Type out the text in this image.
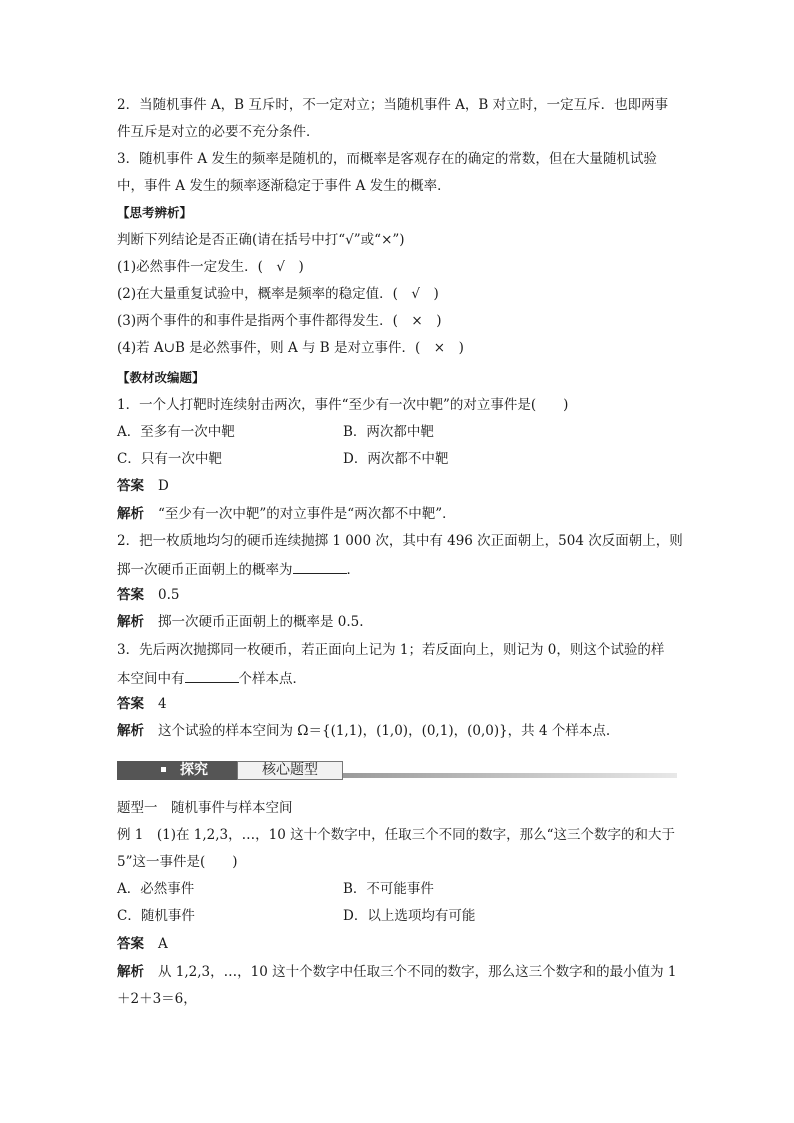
2．当随机事件 A，B 互斥时，不一定对立；当随机事件 A，B 对立时，一定互斥．也即两事
件互斥是对立的必要不充分条件．
3．随机事件 A 发生的频率是随机的，而概率是客观存在的确定的常数，但在大量随机试验
中，事件 A 发生的频率逐渐稳定于事件 A 发生的概率．
【思考辨析】
判断下列结论是否正确(请在括号中打“√”或“×”)
(1)必然事件一定发生．(　√　)
(2)在大量重复试验中，概率是频率的稳定值．(　√　)
(3)两个事件的和事件是指两个事件都得发生．(　×　)
(4)若 A∪B 是必然事件，则 A 与 B 是对立事件．(　×　)
【教材改编题】
1．一个人打靶时连续射击两次，事件“至少有一次中靶”的对立事件是(　　)
A．至多有一次中靶	B．两次都中靶
C．只有一次中靶	D．两次都不中靶
答案 D
解析 “至少有一次中靶”的对立事件是“两次都不中靶”．
2．把一枚质地均匀的硬币连续抛掷 1 000 次，其中有 496 次正面朝上，504 次反面朝上，则
掷一次硬币正面朝上的概率为	．
答案 0.5
解析 掷一次硬币正面朝上的概率是 0.5.
3．先后两次抛掷同一枚硬币，若正面向上记为 1；若反面向上，则记为 0，则这个试验的样
本空间中有	个样本点．
答案 4
解析 这个试验的样本空间为 Ω＝{(1,1)，(1,0)，(0,1)，(0,0)}，共 4 个样本点.
探究	核心题型
题型一　随机事件与样本空间
例 1　(1)在 1,2,3，…，10 这十个数字中，任取三个不同的数字，那么“这三个数字的和大于
5”这一事件是(　　)
A．必然事件	B．不可能事件
C．随机事件	D．以上选项均有可能
答案 A
解析 从 1,2,3，…，10 这十个数字中任取三个不同的数字，那么这三个数字和的最小值为 1
＋2＋3＝6，
